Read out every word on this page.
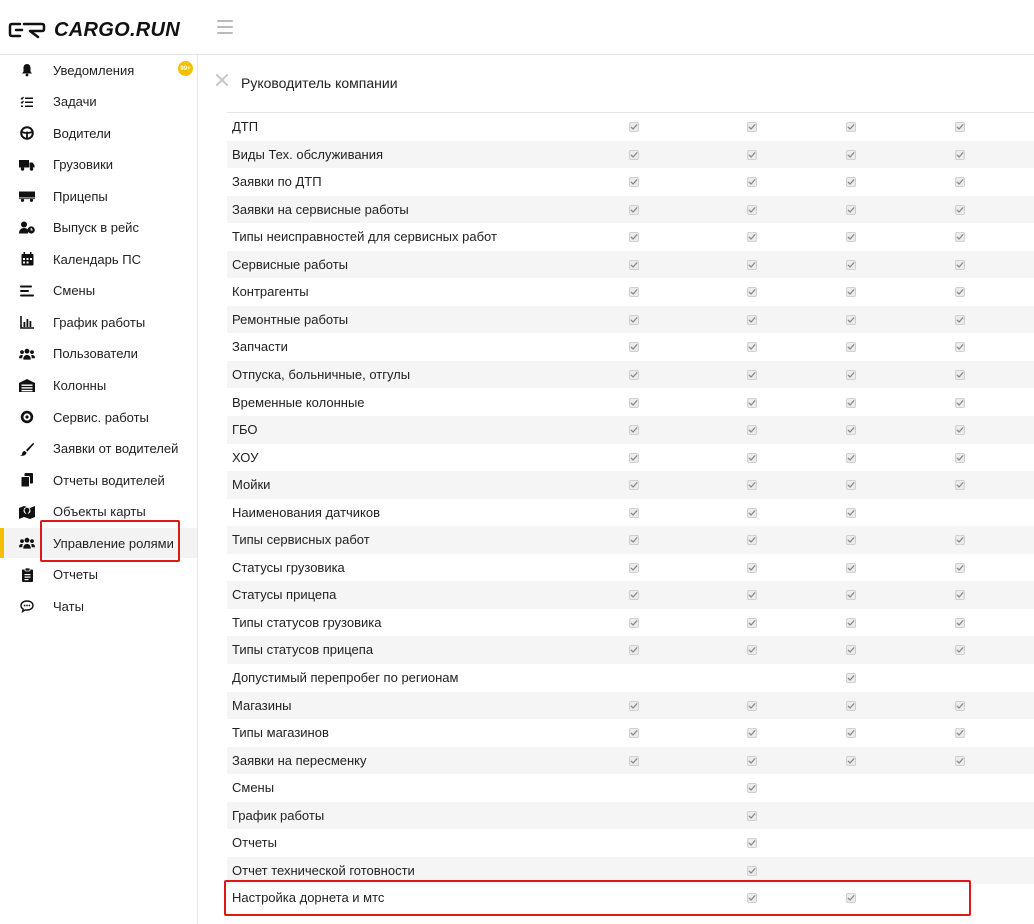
CARGO.RUN
Уведомления
Задачи
Водители
Грузовики
Прицепы
Выпуск в рейс
Календарь ПС
Смены
График работы
Пользователи
Колонны
Сервис. работы
Заявки от водителей
Отчеты водителей
Объекты карты
Управление ролями
Отчеты
Чаты
99+
Руководитель компании
ДТП
Виды Тех. обслуживания
Заявки по ДТП
Заявки на сервисные работы
Типы неисправностей для сервисных работ
Сервисные работы
Контрагенты
Ремонтные работы
Запчасти
Отпуска, больничные, отгулы
Временные колонные
ГБО
ХОУ
Мойки
Наименования датчиков
Типы сервисных работ
Статусы грузовика
Статусы прицепа
Типы статусов грузовика
Типы статусов прицепа
Допустимый перепробег по регионам
Магазины
Типы магазинов
Заявки на пересменку
Смены
График работы
Отчеты
Отчет технической готовности
Настройка дорнета и мтс
